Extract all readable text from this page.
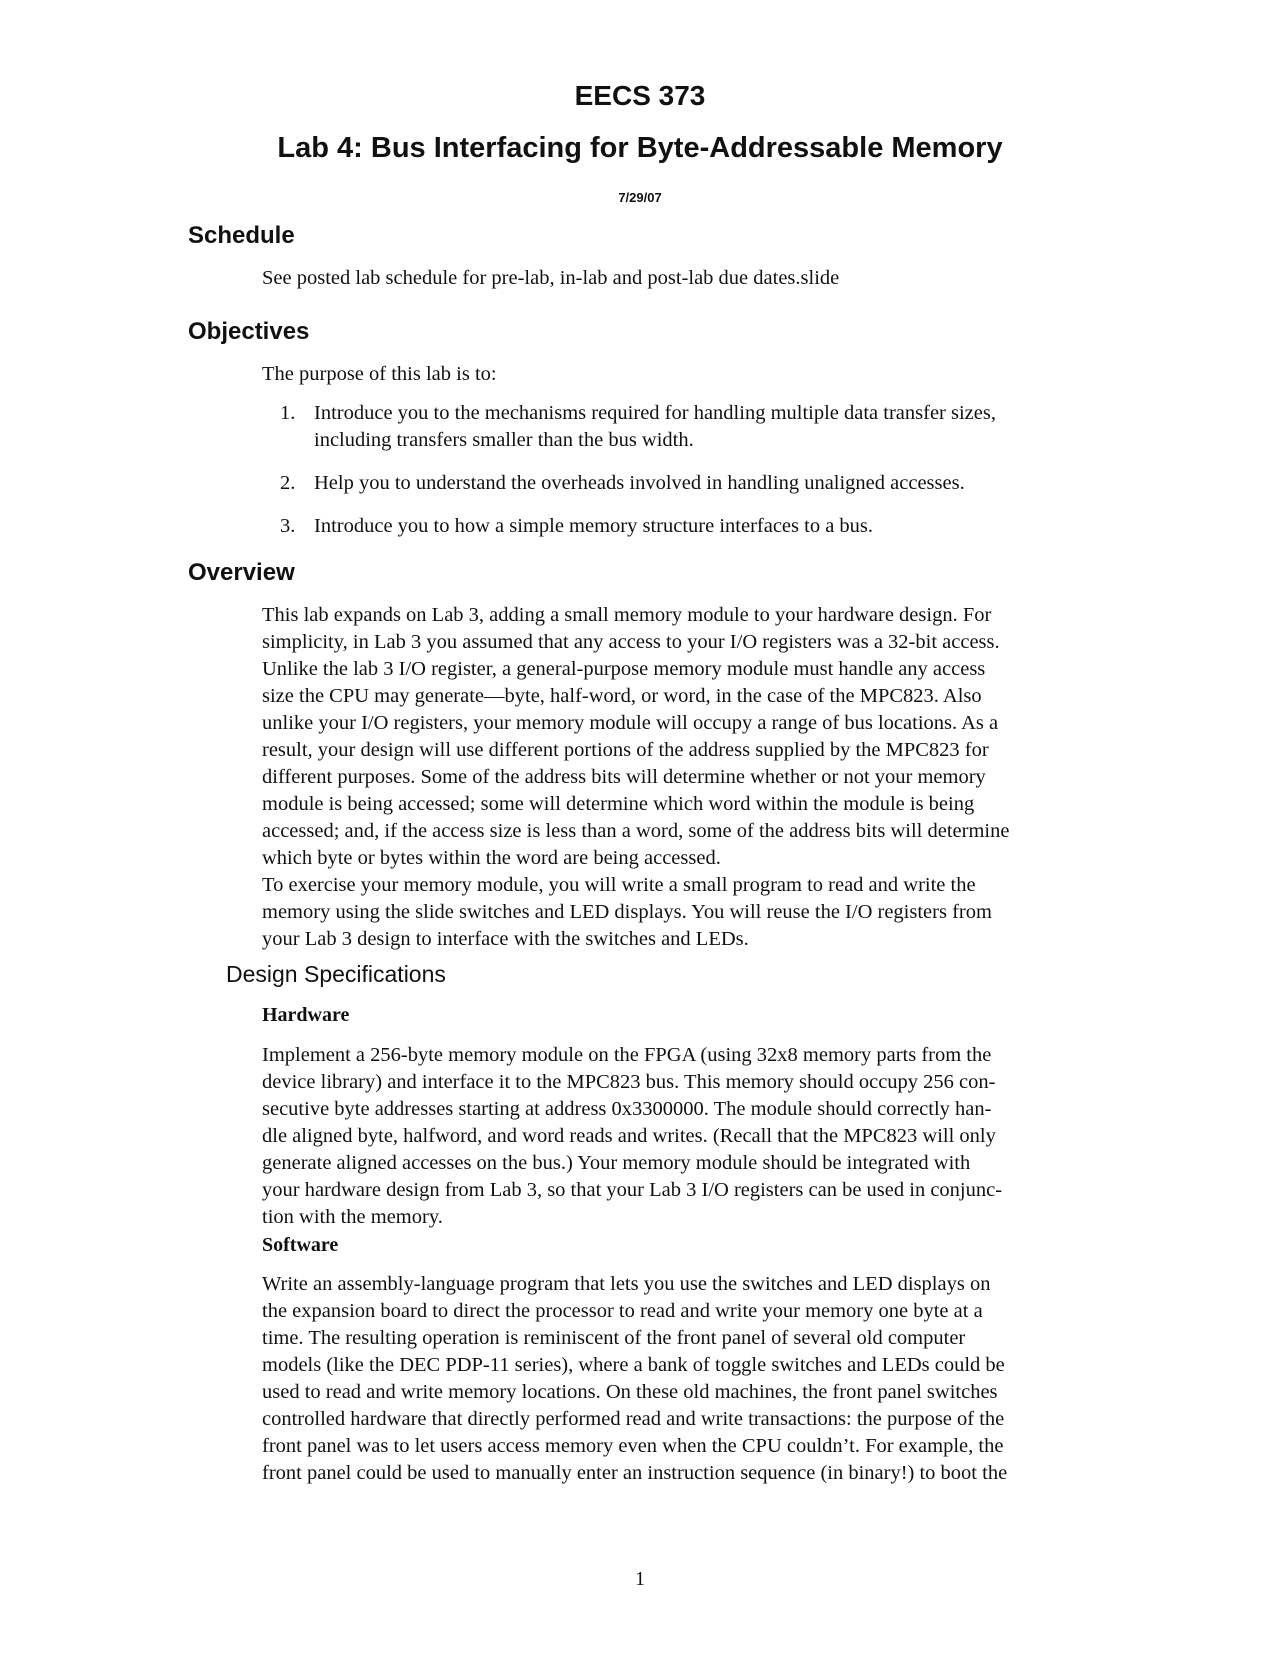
EECS 373
Lab 4: Bus Interfacing for Byte-Addressable Memory
7/29/07
Schedule

See posted lab schedule for pre-lab, in-lab and post-lab due dates.slide

Objectives

The purpose of this lab is to:

1. Introduce you to the mechanisms required for handling multiple data transfer sizes,
including transfers smaller than the bus width.
2. Help you to understand the overheads involved in handling unaligned accesses.
3. Introduce you to how a simple memory structure interfaces to a bus.
Overview

This lab expands on Lab 3, adding a small memory module to your hardware design. For
simplicity, in Lab 3 you assumed that any access to your I/O registers was a 32-bit access.
Unlike the lab 3 I/O register, a general-purpose memory module must handle any access
size the CPU may generate—byte, half-word, or word, in the case of the MPC823. Also
unlike your I/O registers, your memory module will occupy a range of bus locations. As a
result, your design will use different portions of the address supplied by the MPC823 for
different purposes. Some of the address bits will determine whether or not your memory
module is being accessed; some will determine which word within the module is being
accessed; and, if the access size is less than a word, some of the address bits will determine
which byte or bytes within the word are being accessed.

To exercise your memory module, you will write a small program to read and write the
memory using the slide switches and LED displays. You will reuse the I/O registers from
your Lab 3 design to interface with the switches and LEDs.

Design Specifications
Hardware

Implement a 256-byte memory module on the FPGA (using 32x8 memory parts from the
device library) and interface it to the MPC823 bus. This memory should occupy 256 con-
secutive byte addresses starting at address 0x3300000. The module should correctly han-
dle aligned byte, halfword, and word reads and writes. (Recall that the MPC823 will only
generate aligned accesses on the bus.) Your memory module should be integrated with
your hardware design from Lab 3, so that your Lab 3 I/O registers can be used in conjunc-
tion with the memory.

Software

Write an assembly-language program that lets you use the switches and LED displays on
the expansion board to direct the processor to read and write your memory one byte at a
time. The resulting operation is reminiscent of the front panel of several old computer
models (like the DEC PDP-11 series), where a bank of toggle switches and LEDs could be
used to read and write memory locations. On these old machines, the front panel switches
controlled hardware that directly performed read and write transactions: the purpose of the
front panel was to let users access memory even when the CPU couldn’t. For example, the
front panel could be used to manually enter an instruction sequence (in binary!) to boot the

1
